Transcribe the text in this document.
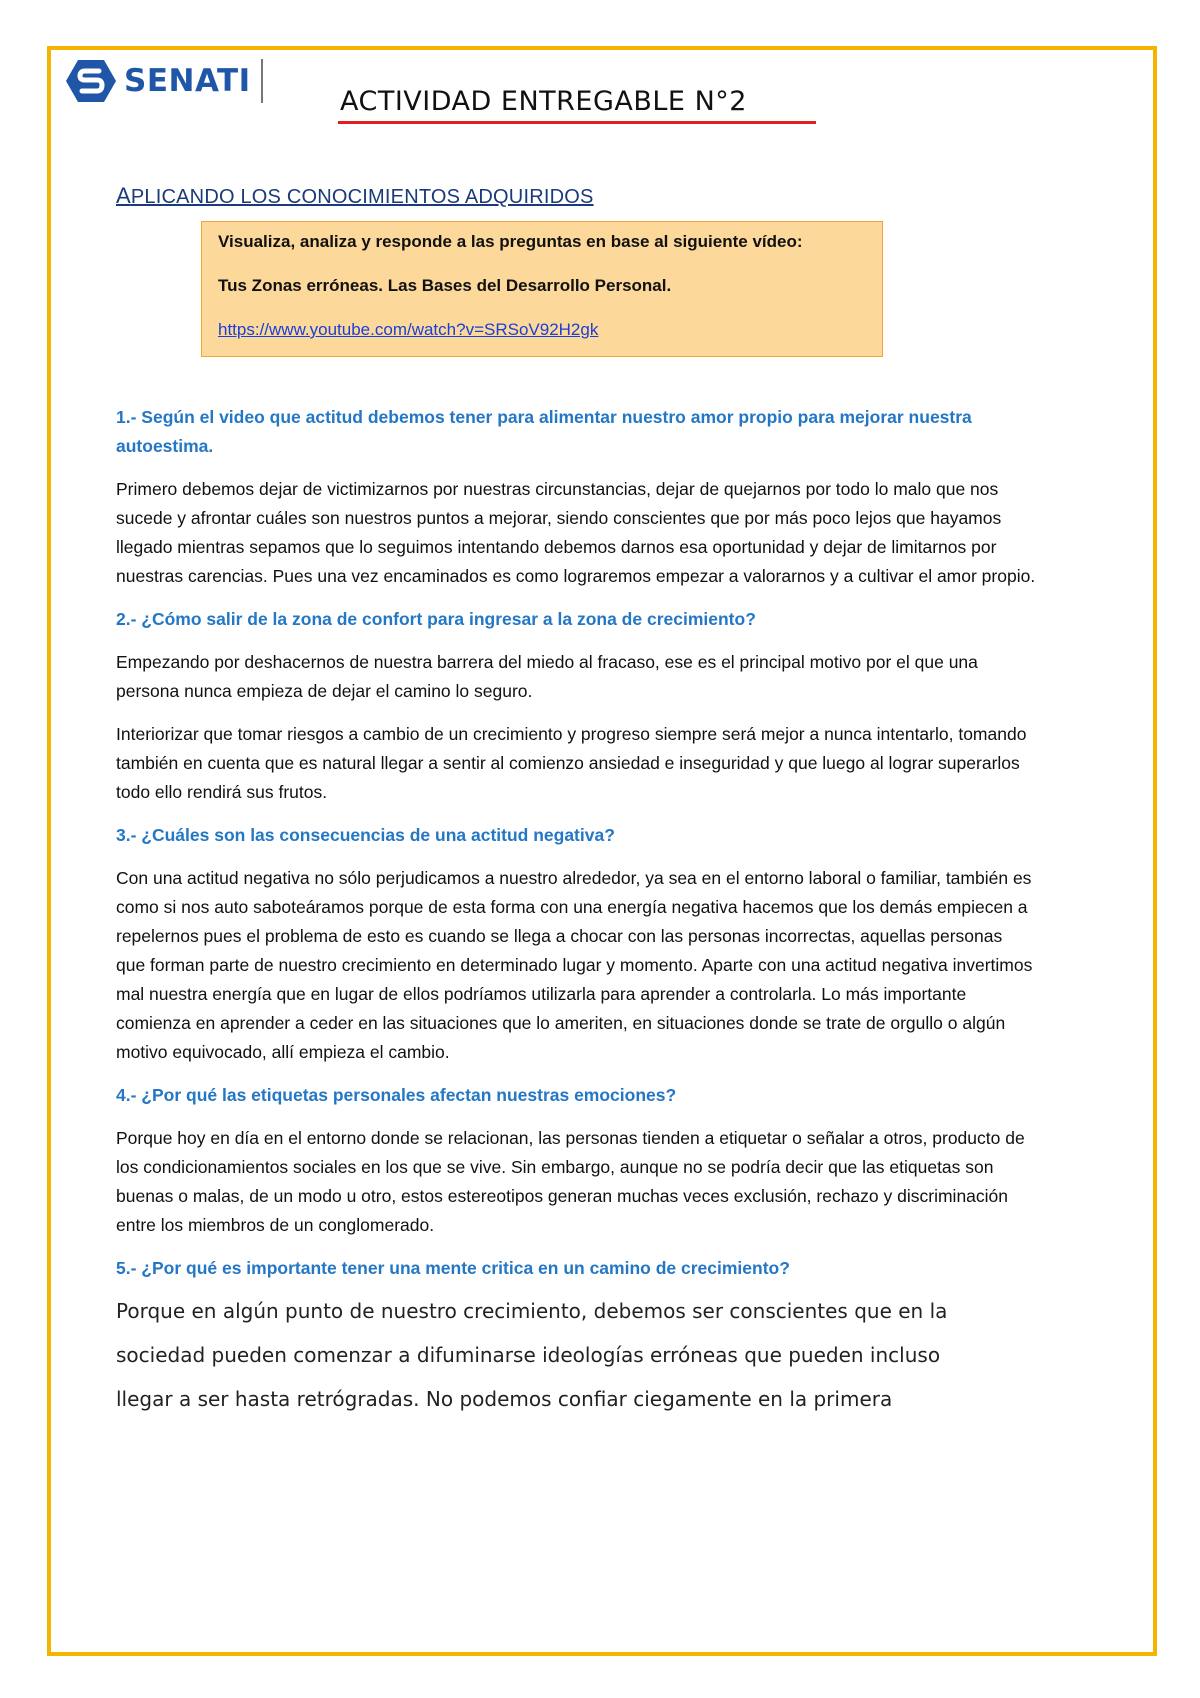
SENATI
ACTIVIDAD ENTREGABLE N°2
APLICANDO LOS CONOCIMIENTOS ADQUIRIDOS

Visualiza, analiza y responde a las preguntas en base al siguiente vídeo:

Tus Zonas erróneas. Las Bases del Desarrollo Personal.

https://www.youtube.com/watch?v=SRSoV92H2gk

1.- Según el video que actitud debemos tener para alimentar nuestro amor propio para mejorar nuestra autoestima.

Primero debemos dejar de victimizarnos por nuestras circunstancias, dejar de quejarnos por todo lo malo que nos sucede y afrontar cuáles son nuestros puntos a mejorar, siendo conscientes que por más poco lejos que hayamos llegado mientras sepamos que lo seguimos intentando debemos darnos esa oportunidad y dejar de limitarnos por nuestras carencias. Pues una vez encaminados es como lograremos empezar a valorarnos y a cultivar el amor propio.

2.- ¿Cómo salir de la zona de confort para ingresar a la zona de crecimiento?

Empezando por deshacernos de nuestra barrera del miedo al fracaso, ese es el principal motivo por el que una persona nunca empieza de dejar el camino lo seguro.

Interiorizar que tomar riesgos a cambio de un crecimiento y progreso siempre será mejor a nunca intentarlo, tomando también en cuenta que es natural llegar a sentir al comienzo ansiedad e inseguridad y que luego al lograr superarlos todo ello rendirá sus frutos.

3.- ¿Cuáles son las consecuencias de una actitud negativa?

Con una actitud negativa no sólo perjudicamos a nuestro alrededor, ya sea en el entorno laboral o familiar, también es como si nos auto saboteáramos porque de esta forma con una energía negativa hacemos que los demás empiecen a repelernos pues el problema de esto es cuando se llega a chocar con las personas incorrectas, aquellas personas que forman parte de nuestro crecimiento en determinado lugar y momento. Aparte con una actitud negativa invertimos mal nuestra energía que en lugar de ellos podríamos utilizarla para aprender a controlarla. Lo más importante comienza en aprender a ceder en las situaciones que lo ameriten, en situaciones donde se trate de orgullo o algún motivo equivocado, allí empieza el cambio.

4.- ¿Por qué las etiquetas personales afectan nuestras emociones?

Porque hoy en día en el entorno donde se relacionan, las personas tienden a etiquetar o señalar a otros, producto de los condicionamientos sociales en los que se vive. Sin embargo, aunque no se podría decir que las etiquetas son buenas o malas, de un modo u otro, estos estereotipos generan muchas veces exclusión, rechazo y discriminación entre los miembros de un conglomerado.

5.- ¿Por qué es importante tener una mente critica en un camino de crecimiento?

Porque en algún punto de nuestro crecimiento, debemos ser conscientes que en la

sociedad pueden comenzar a difuminarse ideologías erróneas que pueden incluso

llegar a ser hasta retrógradas. No podemos confiar ciegamente en la primera
